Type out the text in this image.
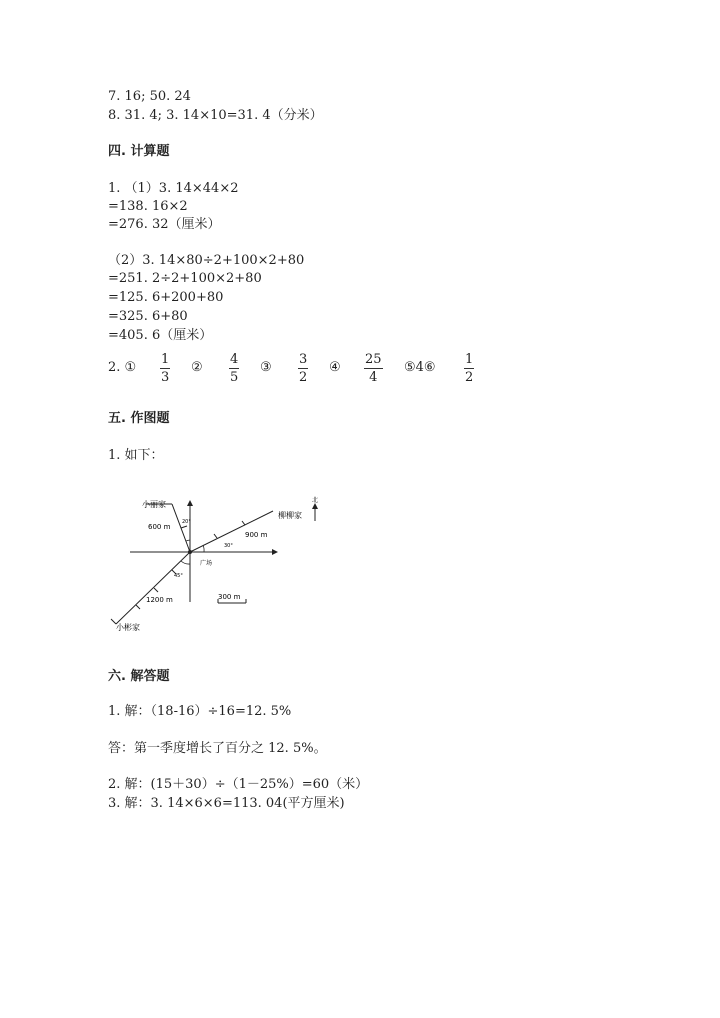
7. 16; 50. 24
8. 31. 4; 3. 14×10=31. 4（分米）
四. 计算题
1. （1）3. 14×44×2
=138. 16×2
=276. 32（厘米）
（2）3. 14×80÷2+100×2+80
=251. 2÷2+100×2+80
=125. 6+200+80
=325. 6+80
=405. 6（厘米）
2. ①
1
3
②
4
5
③
3
2
④
25
4
⑤4⑥
1
2
五. 作图题
1. 如下：
小丽家
柳柳家
小彬家
广场
北
600 m
900 m
1200 m	300 m
20°
30°
45°
六. 解答题
1. 解：（18-16）÷16=12. 5%
答：第一季度增长了百分之 12. 5%。
2. 解：(15＋30）÷（1－25%）=60（米）
3. 解：3. 14×6×6=113. 04(平方厘米)
